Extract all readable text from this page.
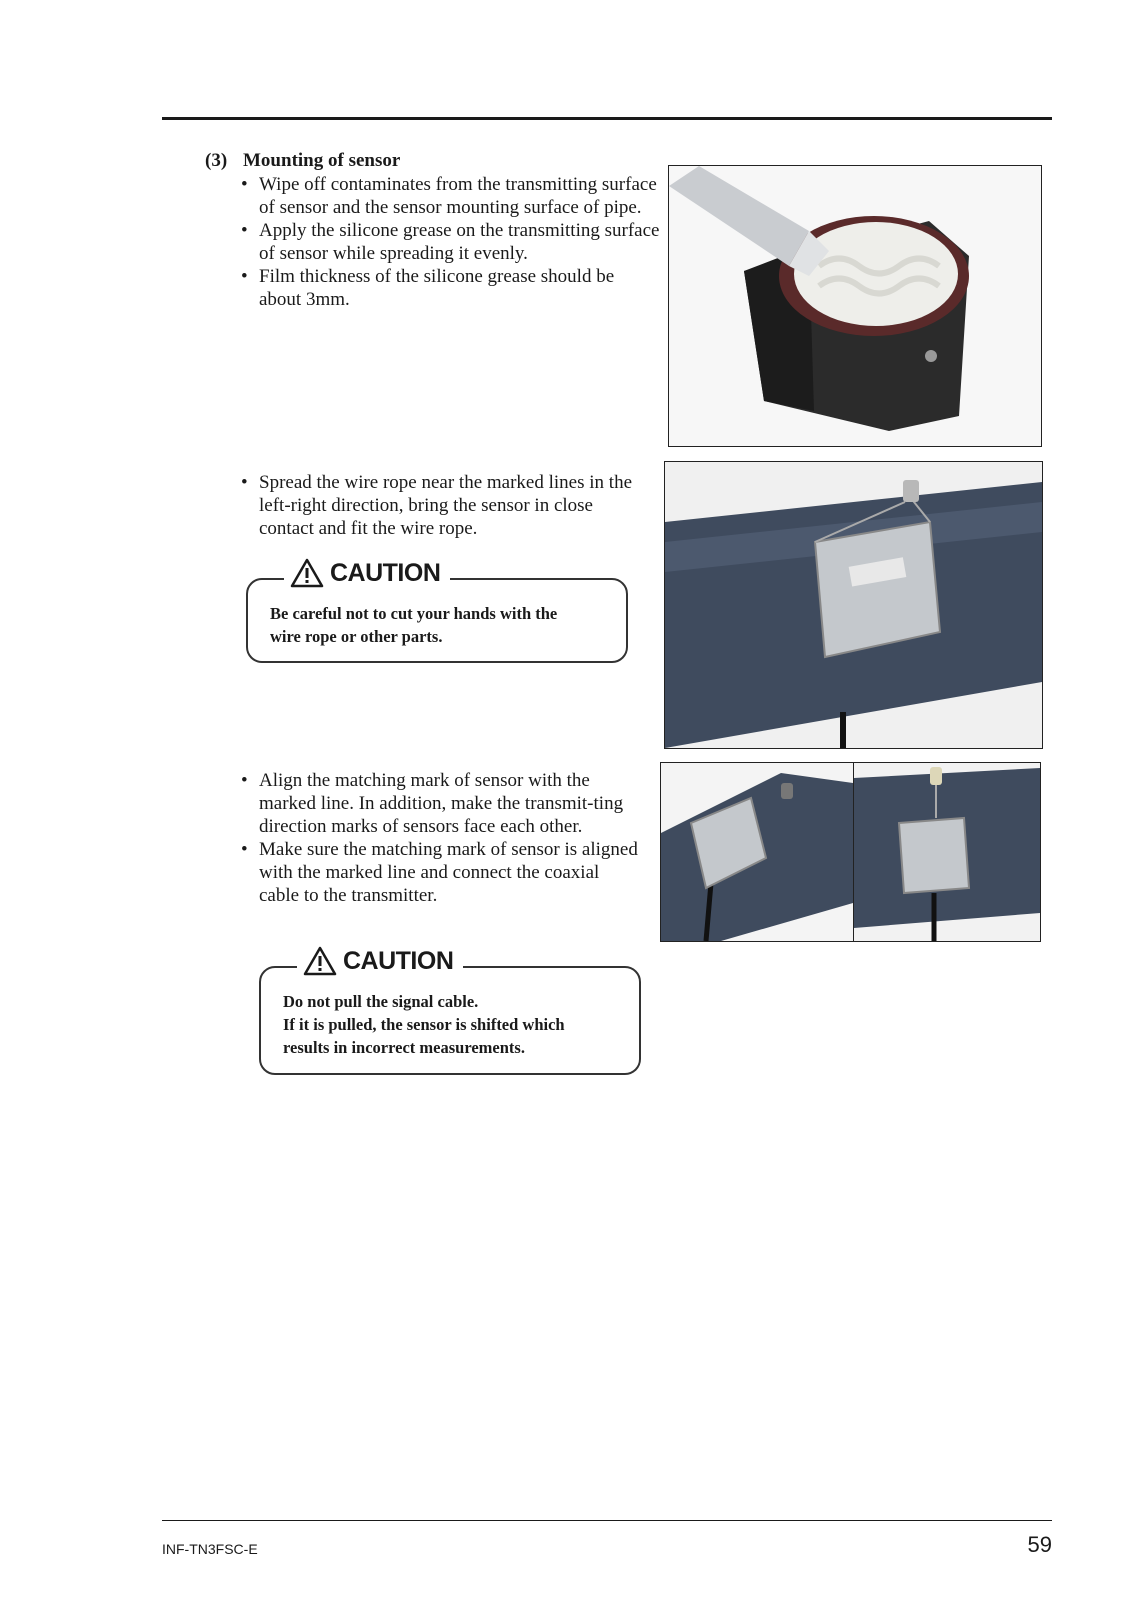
(3) Mounting of sensor
• Wipe off contaminates from the transmitting surface of sensor and the sensor mounting surface of pipe.
• Apply the silicone grease on the transmitting surface of sensor while spreading it evenly.
• Film thickness of the silicone grease should be about 3mm.
• Spread the wire rope near the marked lines in the left-right direction, bring the sensor in close contact and fit the wire rope.
CAUTION
Be careful not to cut your hands with the
wire rope or other parts.
• Align the matching mark of sensor with the marked line. In addition, make the transmit-ting direction marks of sensors face each other.
• Make sure the matching mark of sensor is aligned with the marked line and connect the coaxial cable to the transmitter.
CAUTION
Do not pull the signal cable.
If it is pulled, the sensor is shifted which
results in incorrect measurements.
INF-TN3FSC-E	59
